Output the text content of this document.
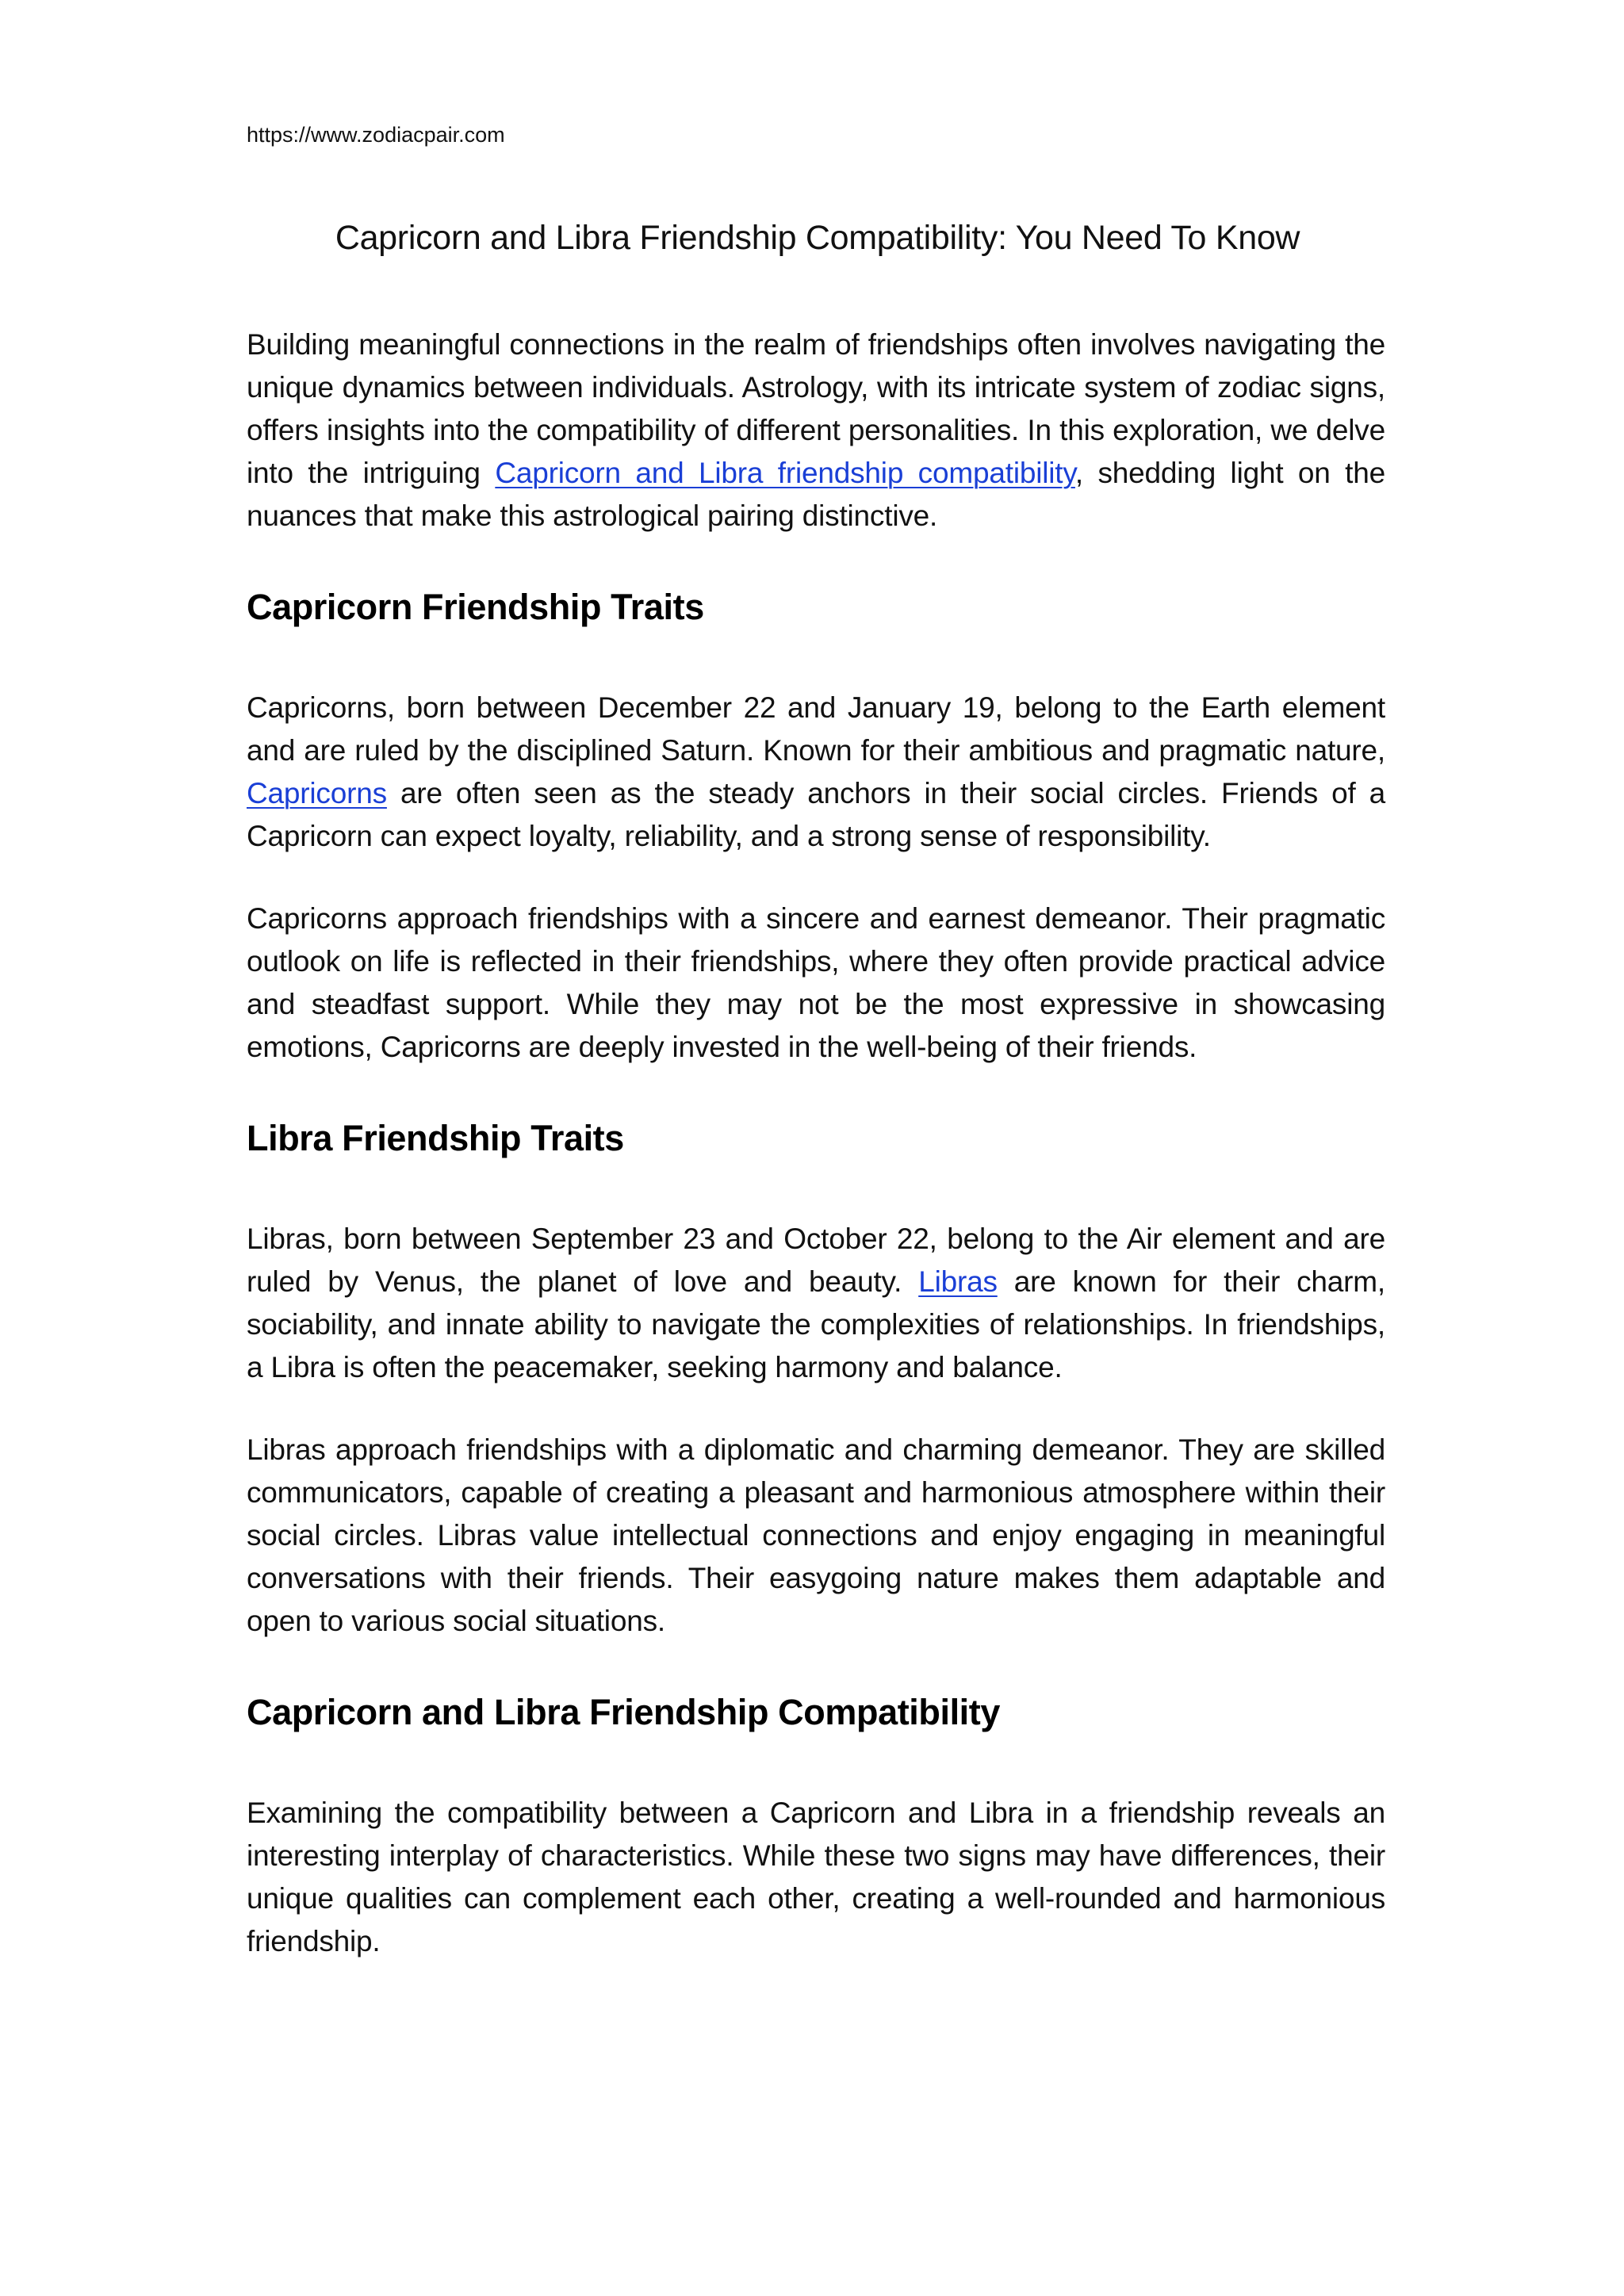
https://www.zodiacpair.com
Capricorn and Libra Friendship Compatibility: You Need To Know

Building meaningful connections in the realm of friendships often involves navigating the unique dynamics between individuals. Astrology, with its intricate system of zodiac signs, offers insights into the compatibility of different personalities. In this exploration, we delve into the intriguing Capricorn and Libra friendship compatibility, shedding light on the nuances that make this astrological pairing distinctive.

Capricorn Friendship Traits

Capricorns, born between December 22 and January 19, belong to the Earth element and are ruled by the disciplined Saturn. Known for their ambitious and pragmatic nature, Capricorns are often seen as the steady anchors in their social circles. Friends of a Capricorn can expect loyalty, reliability, and a strong sense of responsibility.

Capricorns approach friendships with a sincere and earnest demeanor. Their pragmatic outlook on life is reflected in their friendships, where they often provide practical advice and steadfast support. While they may not be the most expressive in showcasing emotions, Capricorns are deeply invested in the well-being of their friends.

Libra Friendship Traits

Libras, born between September 23 and October 22, belong to the Air element and are ruled by Venus, the planet of love and beauty. Libras are known for their charm, sociability, and innate ability to navigate the complexities of relationships. In friendships, a Libra is often the peacemaker, seeking harmony and balance.

Libras approach friendships with a diplomatic and charming demeanor. They are skilled communicators, capable of creating a pleasant and harmonious atmosphere within their social circles. Libras value intellectual connections and enjoy engaging in meaningful conversations with their friends. Their easygoing nature makes them adaptable and open to various social situations.

Capricorn and Libra Friendship Compatibility

Examining the compatibility between a Capricorn and Libra in a friendship reveals an interesting interplay of characteristics. While these two signs may have differences, their unique qualities can complement each other, creating a well-rounded and harmonious friendship.
